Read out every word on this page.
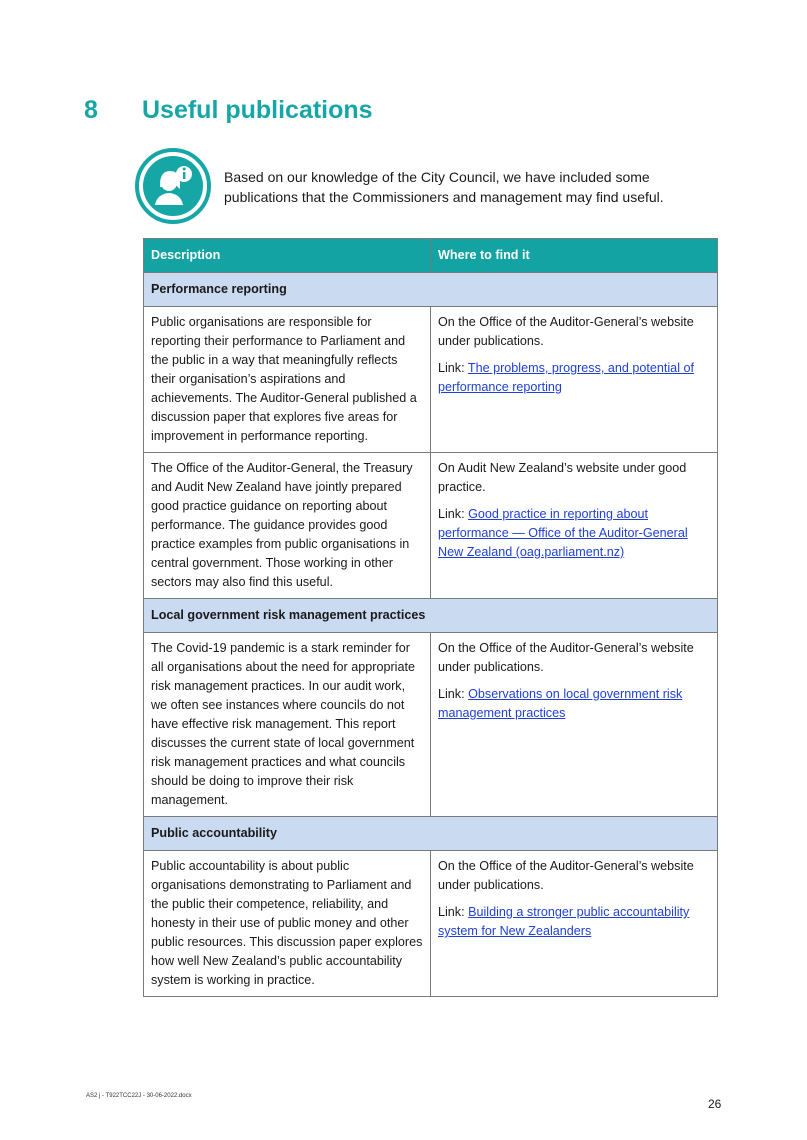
8 Useful publications
Based on our knowledge of the City Council, we have included some publications that the Commissioners and management may find useful.
Description	Where to find it
Performance reporting	
Public organisations are responsible for reporting their performance to Parliament and the public in a way that meaningfully reflects their organisation’s aspirations and achievements. The Auditor-General published a discussion paper that explores five areas for improvement in performance reporting.	On the Office of the Auditor-General’s website under publications.

Link: The problems, progress, and potential of performance reporting

The Office of the Auditor-General, the Treasury and Audit New Zealand have jointly prepared good practice guidance on reporting about performance. The guidance provides good practice examples from public organisations in central government. Those working in other sectors may also find this useful.	On Audit New Zealand’s website under good practice.

Link: Good practice in reporting about performance — Office of the Auditor-General New Zealand (oag.parliament.nz)

Local government risk management practices	
The Covid-19 pandemic is a stark reminder for all organisations about the need for appropriate risk management practices. In our audit work, we often see instances where councils do not have effective risk management. This report discusses the current state of local government risk management practices and what councils should be doing to improve their risk management.	On the Office of the Auditor-General’s website under publications.

Link: Observations on local government risk management practices

Public accountability	
Public accountability is about public organisations demonstrating to Parliament and the public their competence, reliability, and honesty in their use of public money and other public resources. This discussion paper explores how well New Zealand’s public accountability system is working in practice.	On the Office of the Auditor-General’s website under publications.

Link: Building a stronger public accountability system for New Zealanders

AS2 j - T922TCC22J - 30-06-2022.docx
26
